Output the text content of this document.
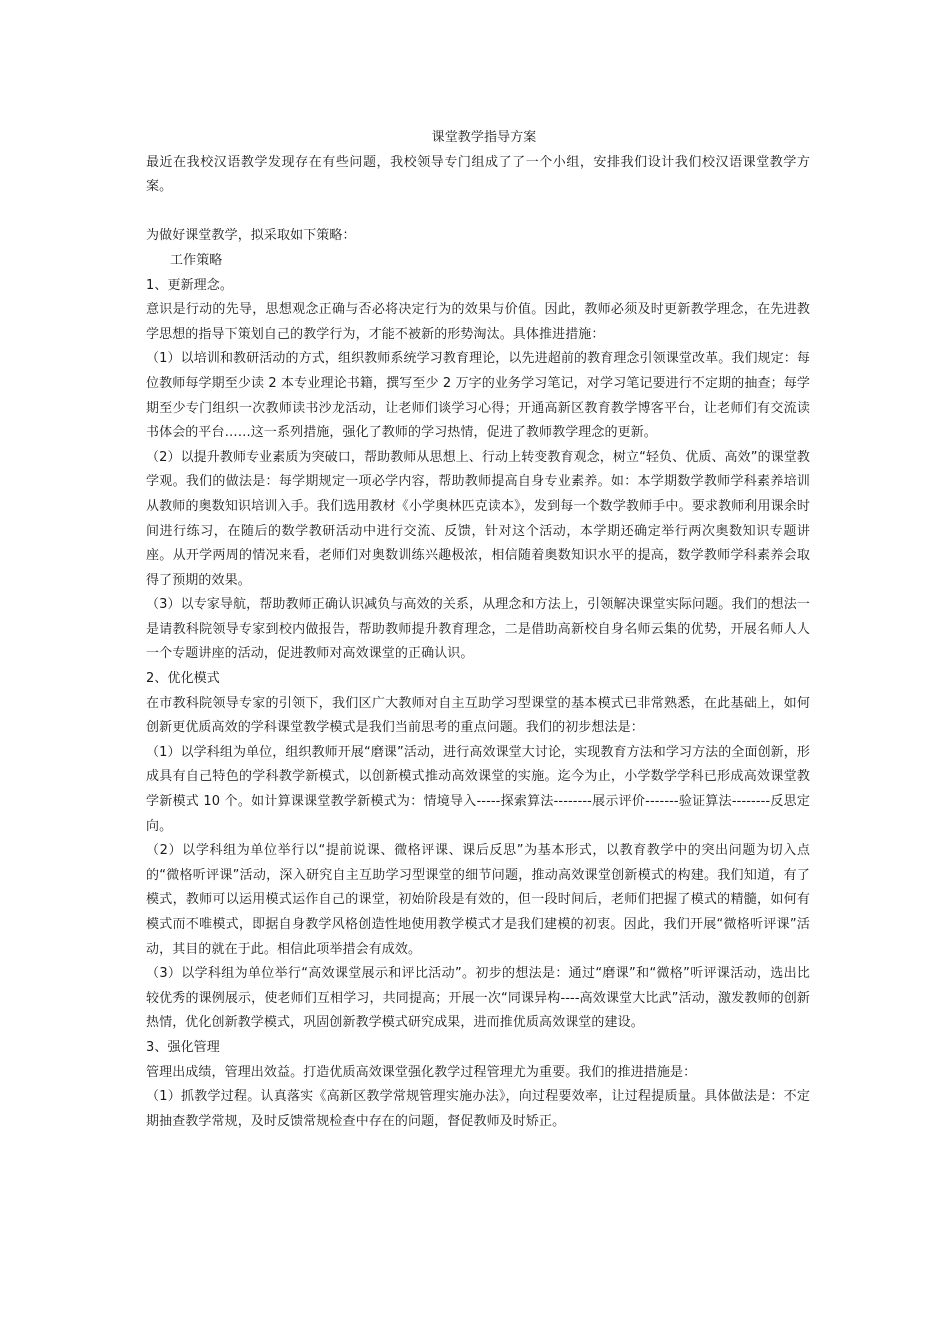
课堂教学指导方案

最近在我校汉语教学发现存在有些问题，我校领导专门组成了了一个小组，安排我们设计我们校汉语课堂教学方案。

为做好课堂教学，拟采取如下策略：

工作策略

1、更新理念。

意识是行动的先导，思想观念正确与否必将决定行为的效果与价值。因此，教师必须及时更新教学理念，在先进教学思想的指导下策划自己的教学行为，才能不被新的形势淘汰。具体推进措施：

（1）以培训和教研活动的方式，组织教师系统学习教育理论，以先进超前的教育理念引领课堂改革。我们规定：每位教师每学期至少读 2 本专业理论书籍，撰写至少 2 万字的业务学习笔记，对学习笔记要进行不定期的抽查；每学期至少专门组织一次教师读书沙龙活动，让老师们谈学习心得；开通高新区教育教学博客平台，让老师们有交流读书体会的平台……这一系列措施，强化了教师的学习热情，促进了教师教学理念的更新。

（2）以提升教师专业素质为突破口，帮助教师从思想上、行动上转变教育观念，树立“轻负、优质、高效”的课堂教学观。我们的做法是：每学期规定一项必学内容，帮助教师提高自身专业素养。如：本学期数学教师学科素养培训从教师的奥数知识培训入手。我们选用教材《小学奥林匹克读本》，发到每一个数学教师手中。要求教师利用课余时间进行练习，在随后的数学教研活动中进行交流、反馈，针对这个活动，本学期还确定举行两次奥数知识专题讲座。从开学两周的情况来看，老师们对奥数训练兴趣极浓，相信随着奥数知识水平的提高，数学教师学科素养会取得了预期的效果。

（3）以专家导航，帮助教师正确认识减负与高效的关系，从理念和方法上，引领解决课堂实际问题。我们的想法一是请教科院领导专家到校内做报告，帮助教师提升教育理念，二是借助高新校自身名师云集的优势，开展名师人人一个专题讲座的活动，促进教师对高效课堂的正确认识。

2、优化模式

在市教科院领导专家的引领下，我们区广大教师对自主互助学习型课堂的基本模式已非常熟悉，在此基础上，如何创新更优质高效的学科课堂教学模式是我们当前思考的重点问题。我们的初步想法是：

（1）以学科组为单位，组织教师开展“磨课”活动，进行高效课堂大讨论，实现教育方法和学习方法的全面创新，形成具有自己特色的学科教学新模式，以创新模式推动高效课堂的实施。迄今为止，小学数学学科已形成高效课堂教学新模式 10 个。如计算课课堂教学新模式为：情境导入-----探索算法--------展示评价-------验证算法--------反思定向。

（2）以学科组为单位举行以“提前说课、微格评课、课后反思”为基本形式，以教育教学中的突出问题为切入点的“微格听评课”活动，深入研究自主互助学习型课堂的细节问题，推动高效课堂创新模式的构建。我们知道，有了模式，教师可以运用模式运作自己的课堂，初始阶段是有效的，但一段时间后，老师们把握了模式的精髓，如何有模式而不唯模式，即据自身教学风格创造性地使用教学模式才是我们建模的初衷。因此，我们开展“微格听评课”活动，其目的就在于此。相信此项举措会有成效。

（3）以学科组为单位举行“高效课堂展示和评比活动”。初步的想法是：通过“磨课”和“微格”听评课活动，选出比较优秀的课例展示，使老师们互相学习，共同提高；开展一次“同课异构----高效课堂大比武”活动，激发教师的创新热情，优化创新教学模式，巩固创新教学模式研究成果，进而推优质高效课堂的建设。

3、强化管理

管理出成绩，管理出效益。打造优质高效课堂强化教学过程管理尤为重要。我们的推进措施是：

（1）抓教学过程。认真落实《高新区教学常规管理实施办法》，向过程要效率，让过程提质量。具体做法是：不定期抽查教学常规，及时反馈常规检查中存在的问题，督促教师及时矫正。
